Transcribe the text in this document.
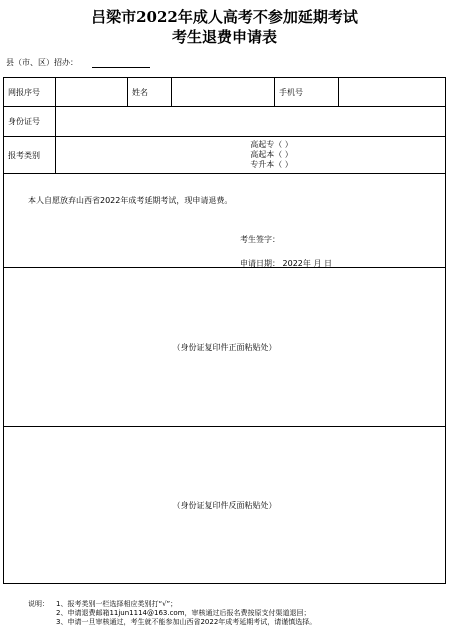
吕梁市2022年成人高考不参加延期考试
考生退费申请表
县（市、区）招办：
网报序号		姓名		手机号	
身份证号					
报考类别	高起专（ ）
高起本（ ）
专升本（ ）				

（身份证复印件正面粘贴处）					
（身份证复印件反面粘贴处）					
本人自愿放弃山西省2022年成考延期考试，现申请退费。
考生签字：
申请日期： 2022年 月 日
说明：	1、报考类别一栏选择相应类别打“√”；
2、申请退费邮箱11jun1114@163.com，审核通过后报名费按原支付渠道退回；
3、申请一旦审核通过，考生就不能参加山西省2022年成考延期考试，请谨慎选择。
